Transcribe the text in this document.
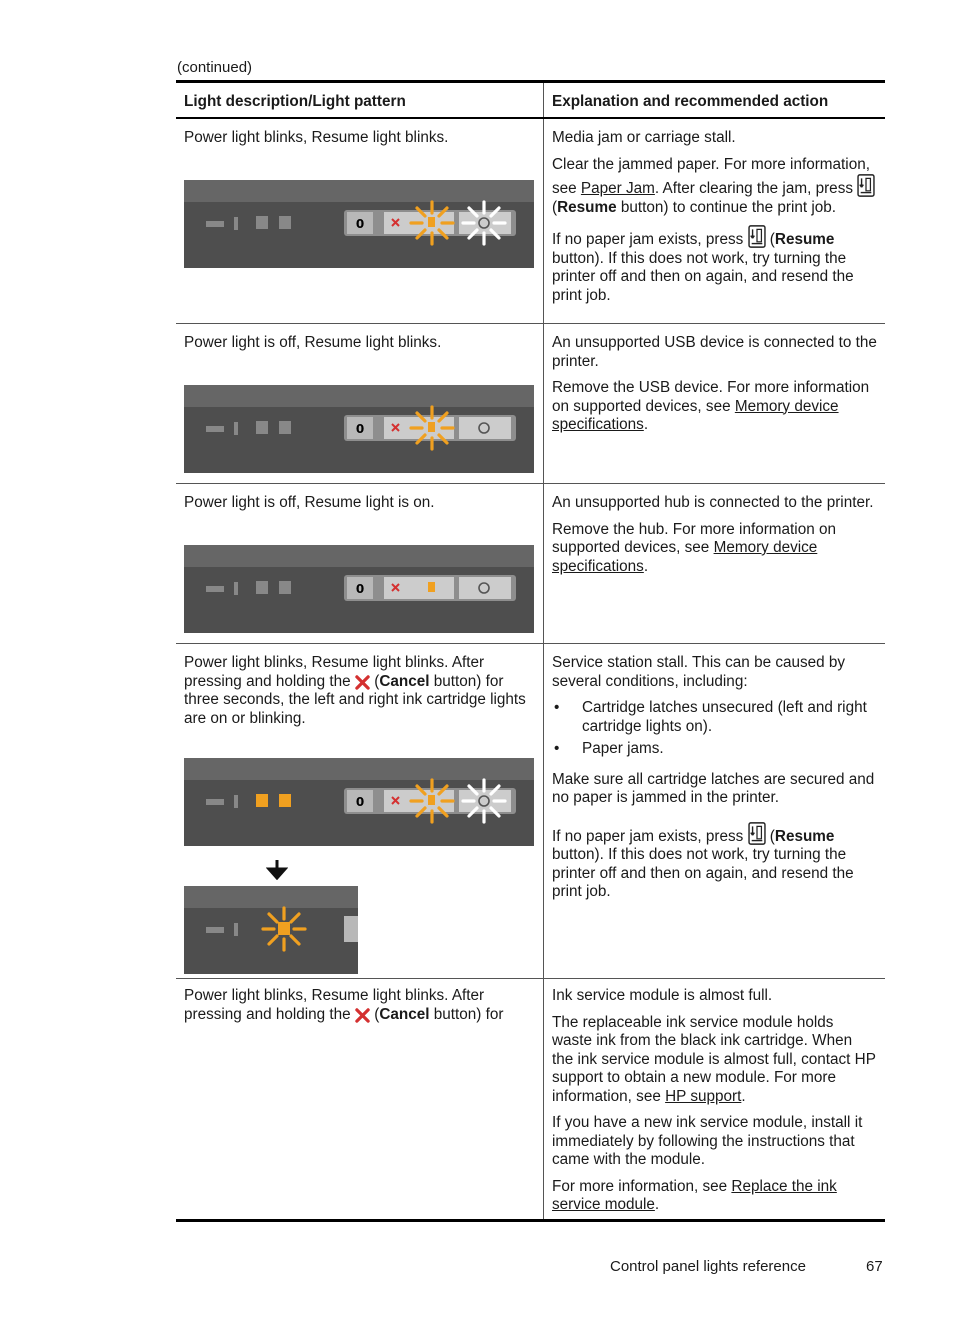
(continued)
Light description/Light pattern	Explanation and recommended action

Power light blinks, Resume light blinks.

0

Media jam or carriage stall.

Clear the jammed paper. For more information, see Paper Jam. After clearing the jam, press  (Resume button) to continue the print job.

If no paper jam exists, press (Resume button). If this does not work, try turning the printer off and then on again, and resend the print job.

Power light is off, Resume light blinks.

0

An unsupported USB device is connected to the printer.

Remove the USB device. For more information on supported devices, see Memory device specifications.

Power light is off, Resume light is on.

0

An unsupported hub is connected to the printer.

Remove the hub. For more information on supported devices, see Memory device specifications.

Power light blinks, Resume light blinks. After pressing and holding the (Cancel button) for three seconds, the left and right ink cartridge lights are on or blinking.

0

Service station stall. This can be caused by several conditions, including:

• Cartridge latches unsecured (left and right cartridge lights on).
• Paper jams.

Make sure all cartridge latches are secured and no paper is jammed in the printer.

If no paper jam exists, press (Resume button). If this does not work, try turning the printer off and then on again, and resend the print job.

Power light blinks, Resume light blinks. After pressing and holding the (Cancel button) for

Ink service module is almost full.

The replaceable ink service module holds waste ink from the black ink cartridge. When the ink service module is almost full, contact HP support to obtain a new module. For more information, see HP support.

If you have a new ink service module, install it immediately by following the instructions that came with the module.

For more information, see Replace the ink service module.

Control panel lights reference	67
